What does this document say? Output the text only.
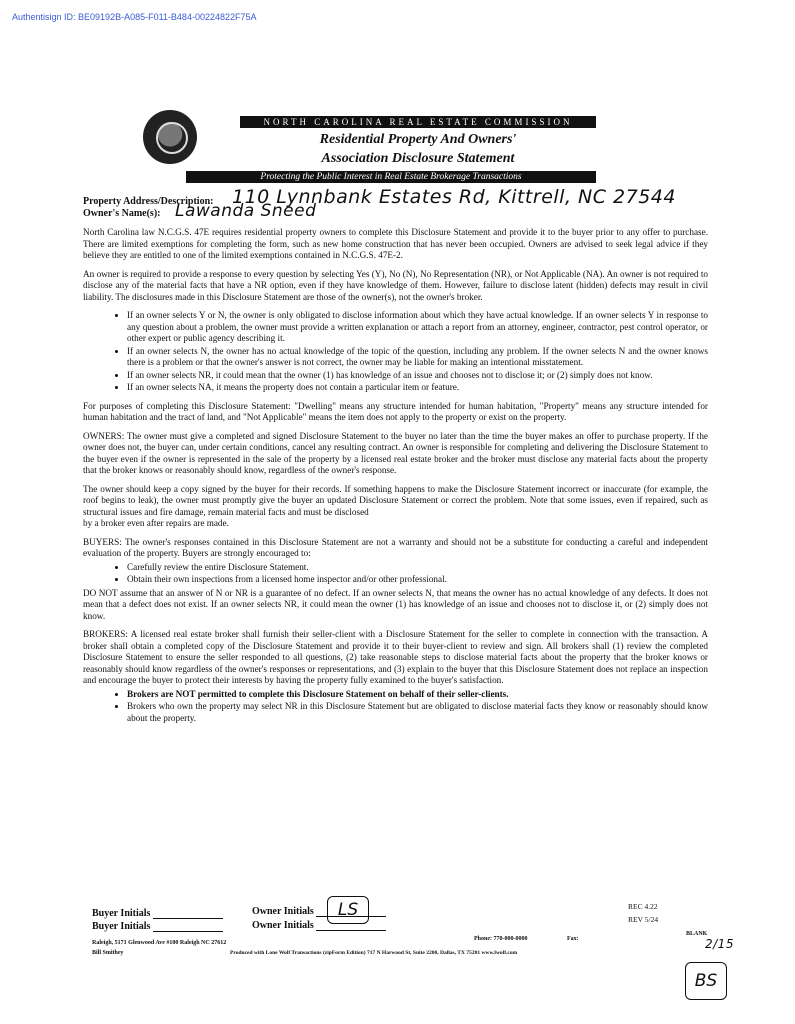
Authentisign ID: BE09192B-A085-F011-B484-00224822F75A
NORTH CAROLINA REAL ESTATE COMMISSION
Residential Property And Owners'
Association Disclosure Statement
Protecting the Public Interest in Real Estate Brokerage Transactions
Property Address/Description: 110 Lynnbank Estates Rd, Kittrell, NC 27544
Owner's Name(s): Lawanda Sneed

North Carolina law N.C.G.S. 47E requires residential property owners to complete this Disclosure Statement and provide it to the buyer prior to any offer to purchase. There are limited exemptions for completing the form, such as new home construction that has never been occupied. Owners are advised to seek legal advice if they believe they are entitled to one of the limited exemptions contained in N.C.G.S. 47E-2.

An owner is required to provide a response to every question by selecting Yes (Y), No (N), No Representation (NR), or Not Applicable (NA). An owner is not required to disclose any of the material facts that have a NR option, even if they have knowledge of them. However, failure to disclose latent (hidden) defects may result in civil liability. The disclosures made in this Disclosure Statement are those of the owner(s), not the owner's broker.

• If an owner selects Y or N, the owner is only obligated to disclose information about which they have actual knowledge. If an owner selects Y in response to any question about a problem, the owner must provide a written explanation or attach a report from an attorney, engineer, contractor, pest control operator, or other expert or public agency describing it.
• If an owner selects N, the owner has no actual knowledge of the topic of the question, including any problem. If the owner selects N and the owner knows there is a problem or that the owner's answer is not correct, the owner may be liable for making an intentional misstatement.
• If an owner selects NR, it could mean that the owner (1) has knowledge of an issue and chooses not to disclose it; or (2) simply does not know.
• If an owner selects NA, it means the property does not contain a particular item or feature.

For purposes of completing this Disclosure Statement: "Dwelling" means any structure intended for human habitation, "Property" means any structure intended for human habitation and the tract of land, and "Not Applicable" means the item does not apply to the property or exist on the property.

OWNERS: The owner must give a completed and signed Disclosure Statement to the buyer no later than the time the buyer makes an offer to purchase property. If the owner does not, the buyer can, under certain conditions, cancel any resulting contract. An owner is responsible for completing and delivering the Disclosure Statement to the buyer even if the owner is represented in the sale of the property by a licensed real estate broker and the broker must disclose any material facts about the property that the broker knows or reasonably should know, regardless of the owner's response.

The owner should keep a copy signed by the buyer for their records. If something happens to make the Disclosure Statement incorrect or inaccurate (for example, the roof begins to leak), the owner must promptly give the buyer an updated Disclosure Statement or correct the problem. Note that some issues, even if repaired, such as structural issues and fire damage, remain material facts and must be disclosed

by a broker even after repairs are made.

BUYERS: The owner's responses contained in this Disclosure Statement are not a warranty and should not be a substitute for conducting a careful and independent evaluation of the property. Buyers are strongly encouraged to:

• Carefully review the entire Disclosure Statement.
• Obtain their own inspections from a licensed home inspector and/or other professional.

DO NOT assume that an answer of N or NR is a guarantee of no defect. If an owner selects N, that means the owner has no actual knowledge of any defects. It does not mean that a defect does not exist. If an owner selects NR, it could mean the owner (1) has knowledge of an issue and chooses not to disclose it, or (2) simply does not know.

BROKERS: A licensed real estate broker shall furnish their seller-client with a Disclosure Statement for the seller to complete in connection with the transaction. A broker shall obtain a completed copy of the Disclosure Statement and provide it to their buyer-client to review and sign. All brokers shall (1) review the completed Disclosure Statement to ensure the seller responded to all questions, (2) take reasonable steps to disclose material facts about the property that the broker knows or reasonably should know regardless of the owner's responses or representations, and (3) explain to the buyer that this Disclosure Statement does not replace an inspection and encourage the buyer to protect their interests by having the property fully examined to the buyer's satisfaction.

• Brokers are NOT permitted to complete this Disclosure Statement on behalf of their seller-clients.
• Brokers who own the property may select NR in this Disclosure Statement but are obligated to disclose material facts they know or reasonably should know about the property.
Buyer Initials
Buyer Initials
Owner Initials
Owner Initials
LS	REC 4.22
REV 5/24
BLANK
2/15
BS
Raleigh, 5171 Glenwood Ave #100 Raleigh NC 27612
Bill Smithey
Phone: 770-000-0000	Fax:
Produced with Lone Wolf Transactions (zipForm Edition) 717 N Harwood St, Suite 2200, Dallas, TX 75201 www.lwolf.com
